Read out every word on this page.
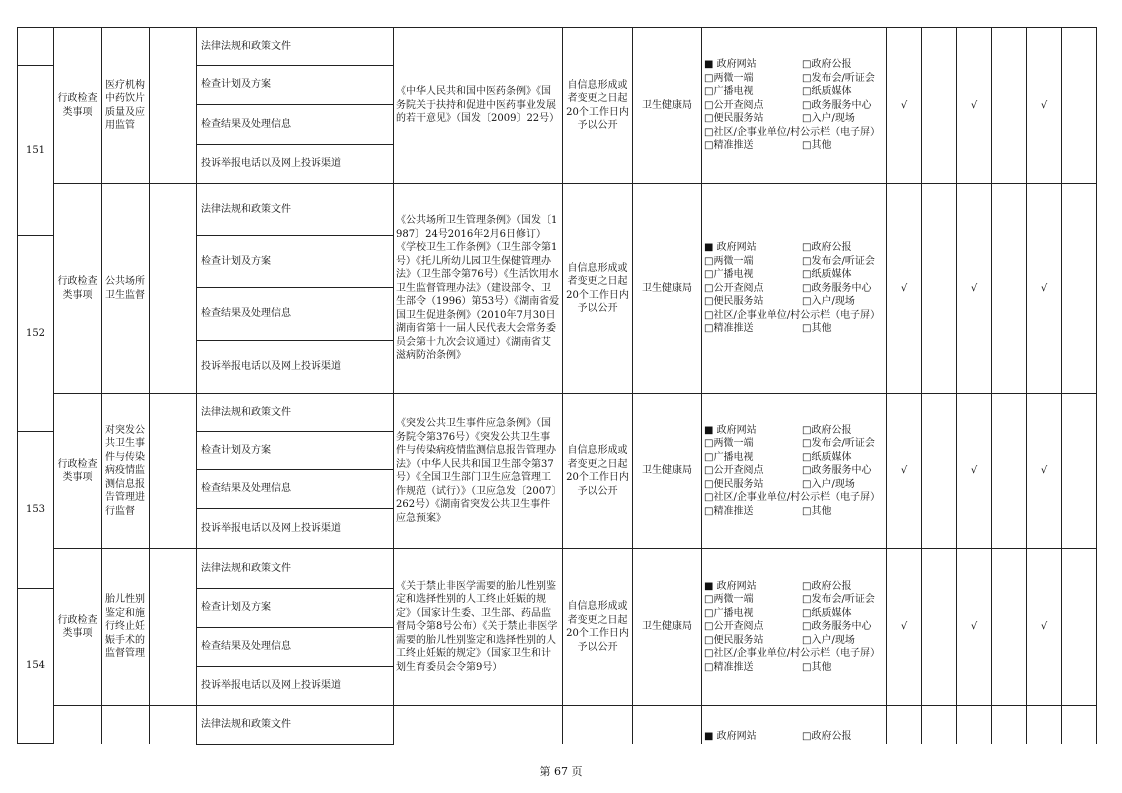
151
行政检查类事项
医疗机构中药饮片质量及应用监管
法律法规和政策文件
检查计划及方案
检查结果及处理信息
投诉举报电话以及网上投诉渠道
《中华人民共和国中医药条例》《国务院关于扶持和促进中医药事业发展的若干意见》（国发〔2009〕22号）
自信息形成或者变更之日起20个工作日内予以公开
卫生健康局
■ 政府网站	□政府公报
□两微一端	□发布会/听证会
□广播电视	□纸质媒体
□公开查阅点	□政务服务中心
□便民服务站	□入户/现场
□社区/企事业单位/村公示栏（电子屏）
□精准推送	□其他
√	√	√
152
行政检查类事项
公共场所卫生监督
法律法规和政策文件
检查计划及方案
检查结果及处理信息
投诉举报电话以及网上投诉渠道
《公共场所卫生管理条例》（国发〔1987〕24号2016年2月6日修订）《学校卫生工作条例》（卫生部令第1号）《托儿所幼儿园卫生保健管理办法》（卫生部令第76号）《生活饮用水卫生监督管理办法》（建设部令、卫生部令（1996）第53号）《湖南省爱国卫生促进条例》（2010年7月30日湖南省第十一届人民代表大会常务委员会第十九次会议通过）《湖南省艾滋病防治条例》
自信息形成或者变更之日起20个工作日内予以公开
卫生健康局
■ 政府网站	□政府公报
□两微一端	□发布会/听证会
□广播电视	□纸质媒体
□公开查阅点	□政务服务中心
□便民服务站	□入户/现场
□社区/企事业单位/村公示栏（电子屏）
□精准推送	□其他
√	√	√
153
行政检查类事项
对突发公共卫生事件与传染病疫情监测信息报告管理进行监督
法律法规和政策文件
检查计划及方案
检查结果及处理信息
投诉举报电话以及网上投诉渠道
《突发公共卫生事件应急条例》（国务院令第376号）《突发公共卫生事件与传染病疫情监测信息报告管理办法》（中华人民共和国卫生部令第37号）《全国卫生部门卫生应急管理工作规范（试行）》（卫应急发〔2007〕262号）《湖南省突发公共卫生事件应急预案》
自信息形成或者变更之日起20个工作日内予以公开
卫生健康局
■ 政府网站	□政府公报
□两微一端	□发布会/听证会
□广播电视	□纸质媒体
□公开查阅点	□政务服务中心
□便民服务站	□入户/现场
□社区/企事业单位/村公示栏（电子屏）
□精准推送	□其他
√	√	√
154
行政检查类事项
胎儿性别鉴定和施行终止妊娠手术的监督管理
法律法规和政策文件
检查计划及方案
检查结果及处理信息
投诉举报电话以及网上投诉渠道
《关于禁止非医学需要的胎儿性别鉴定和选择性别的人工终止妊娠的规定》（国家计生委、卫生部、药品监督局令第8号公布）《关于禁止非医学需要的胎儿性别鉴定和选择性别的人工终止妊娠的规定》（国家卫生和计划生育委员会令第9号）
自信息形成或者变更之日起20个工作日内予以公开
卫生健康局
■ 政府网站	□政府公报
□两微一端	□发布会/听证会
□广播电视	□纸质媒体
□公开查阅点	□政务服务中心
□便民服务站	□入户/现场
□社区/企事业单位/村公示栏（电子屏）
□精准推送	□其他
√	√	√
法律法规和政策文件
■ 政府网站	□政府公报
第 67 页
